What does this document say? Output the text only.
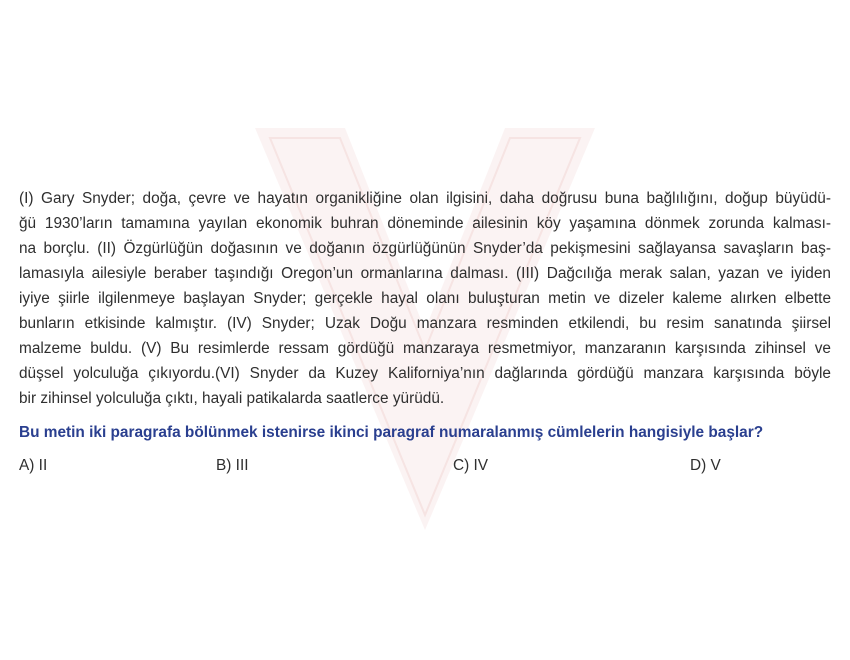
(I) Gary Snyder; doğa, çevre ve hayatın organikliğine olan ilgisini, daha doğrusu buna bağlılığını, doğup büyüdü-
ğü 1930’ların tamamına yayılan ekonomik buhran döneminde ailesinin köy yaşamına dönmek zorunda kalması-
na borçlu. (II) Özgürlüğün doğasının ve doğanın özgürlüğünün Snyder’da pekişmesini sağlayansa savaşların baş-
lamasıyla ailesiyle beraber taşındığı Oregon’un ormanlarına dalması. (III) Dağcılığa merak salan, yazan ve iyiden
iyiye şiirle ilgilenmeye başlayan Snyder; gerçekle hayal olanı buluşturan metin ve dizeler kaleme alırken elbette
bunların etkisinde kalmıştır. (IV) Snyder; Uzak Doğu manzara resminden etkilendi, bu resim sanatında şiirsel
malzeme buldu. (V) Bu resimlerde ressam gördüğü manzaraya resmetmiyor, manzaranın karşısında zihinsel ve
düşsel yolculuğa çıkıyordu.(VI) Snyder da Kuzey Kaliforniya’nın dağlarında gördüğü manzara karşısında böyle
bir zihinsel yolculuğa çıktı, hayali patikalarda saatlerce yürüdü.
Bu metin iki paragrafa bölünmek istenirse ikinci paragraf numaralanmış cümlelerin hangisiyle başlar?
A) II	B) III	C) IV	D) V
